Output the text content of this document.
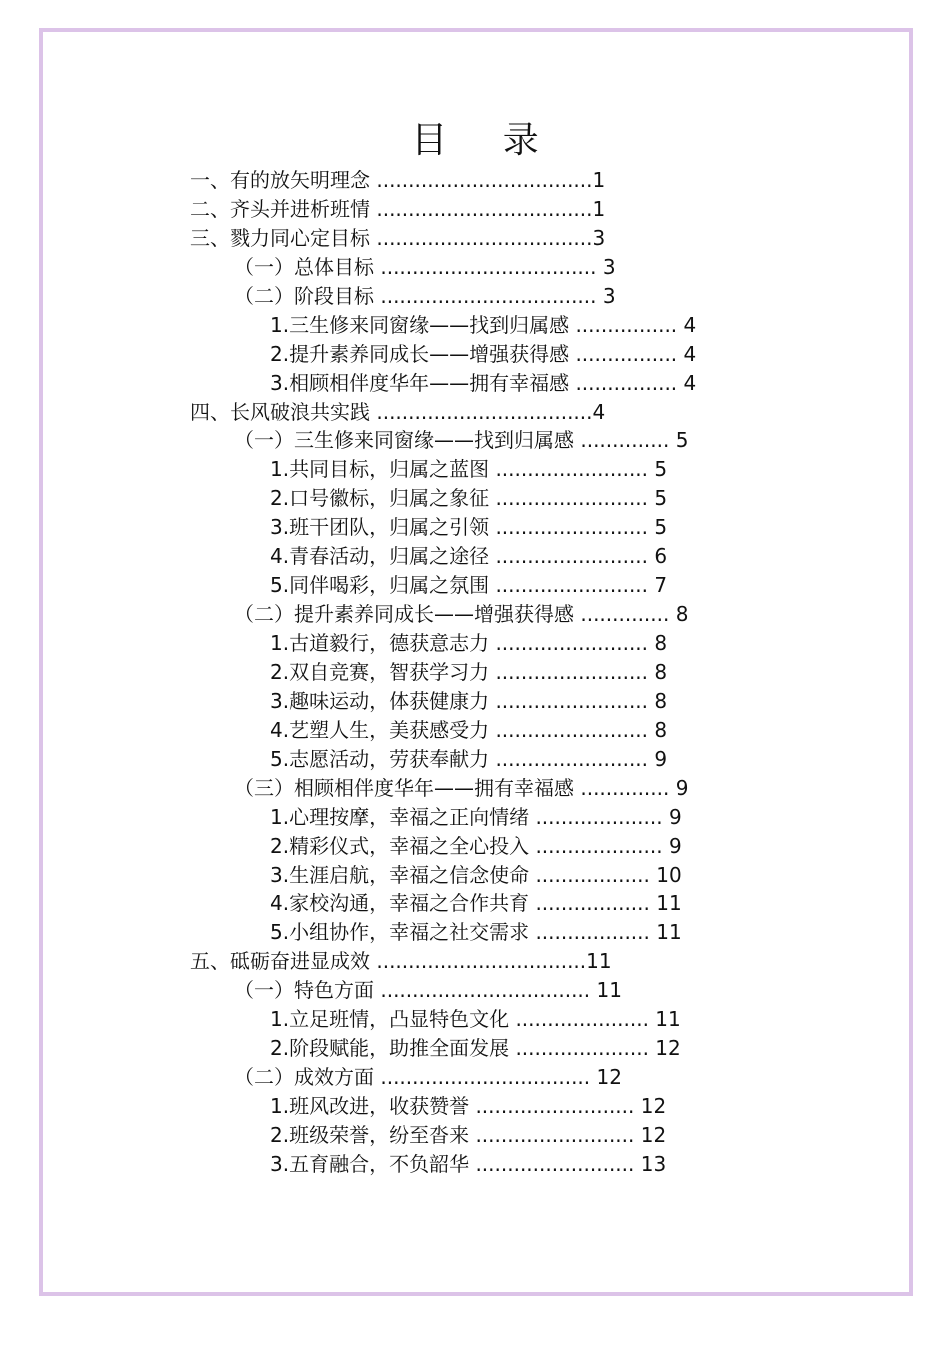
目 录
一、有的放矢明理念 ..................................1
二、齐头并进析班情 ..................................1
三、戮力同心定目标 ..................................3
（一）总体目标 .................................. 3
（二）阶段目标 .................................. 3
1.三生修来同窗缘——找到归属感 ................ 4
2.提升素养同成长——增强获得感 ................ 4
3.相顾相伴度华年——拥有幸福感 ................ 4
四、长风破浪共实践 ..................................4
（一）三生修来同窗缘——找到归属感 .............. 5
1.共同目标，归属之蓝图 ........................ 5
2.口号徽标，归属之象征 ........................ 5
3.班干团队，归属之引领 ........................ 5
4.青春活动，归属之途径 ........................ 6
5.同伴喝彩，归属之氛围 ........................ 7
（二）提升素养同成长——增强获得感 .............. 8
1.古道毅行，德获意志力 ........................ 8
2.双自竞赛，智获学习力 ........................ 8
3.趣味运动，体获健康力 ........................ 8
4.艺塑人生，美获感受力 ........................ 8
5.志愿活动，劳获奉献力 ........................ 9
（三）相顾相伴度华年——拥有幸福感 .............. 9
1.心理按摩，幸福之正向情绪 .................... 9
2.精彩仪式，幸福之全心投入 .................... 9
3.生涯启航，幸福之信念使命 .................. 10
4.家校沟通，幸福之合作共育 .................. 11
5.小组协作，幸福之社交需求 .................. 11
五、砥砺奋进显成效 .................................11
（一）特色方面 ................................. 11
1.立足班情，凸显特色文化 ..................... 11
2.阶段赋能，助推全面发展 ..................... 12
（二）成效方面 ................................. 12
1.班风改进，收获赞誉 ......................... 12
2.班级荣誉，纷至沓来 ......................... 12
3.五育融合，不负韶华 ......................... 13
